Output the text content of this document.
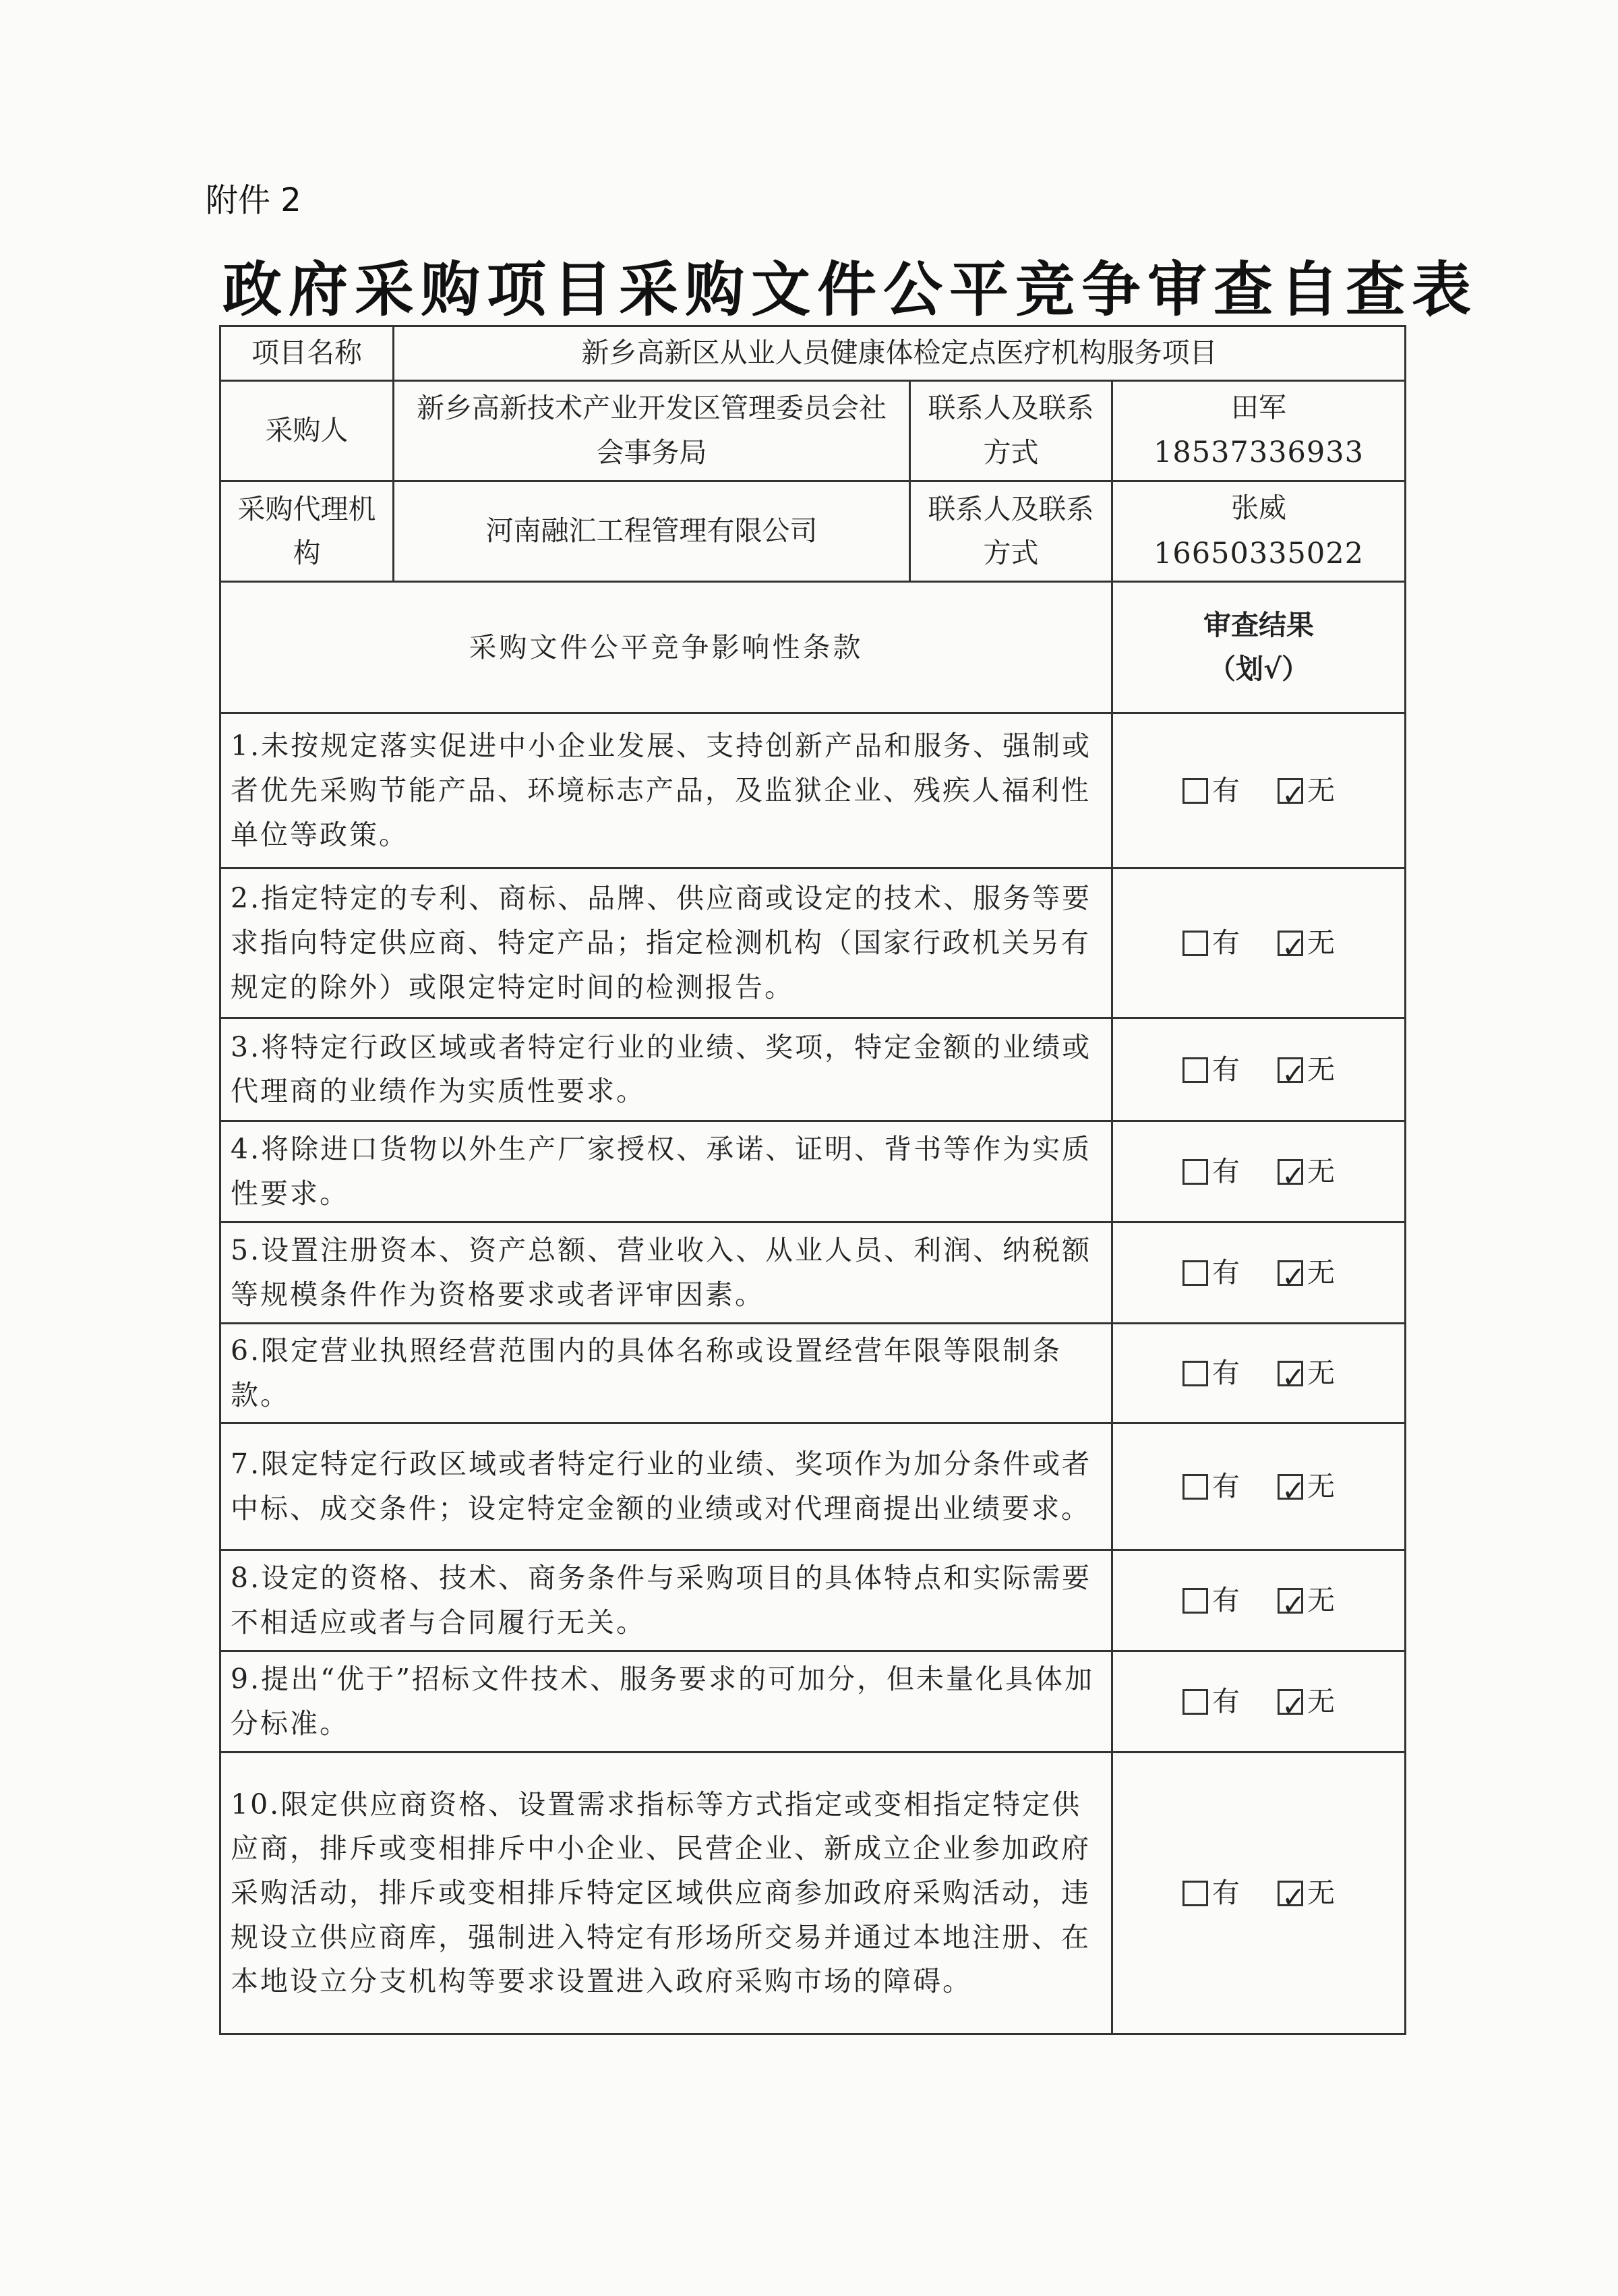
附件 2
政府采购项目采购文件公平竞争审查自查表
项目名称	新乡高新区从业人员健康体检定点医疗机构服务项目		
采购人	新乡高新技术产业开发区管理委员会社会事务局	联系人及联系方式	田军
18537336933

采购代理机构	河南融汇工程管理有限公司	联系人及联系方式	张威
16650335022

采购文件公平竞争影响性条款			审查结果
（划√）

1.未按规定落实促进中小企业发展、支持创新产品和服务、强制或者优先采购节能产品、环境标志产品，及监狱企业、残疾人福利性单位等政策。			有 ✓ 无
2.指定特定的专利、商标、品牌、供应商或设定的技术、服务等要求指向特定供应商、特定产品；指定检测机构（国家行政机关另有规定的除外）或限定特定时间的检测报告。			有 ✓ 无
3.将特定行政区域或者特定行业的业绩、奖项，特定金额的业绩或代理商的业绩作为实质性要求。			有 ✓ 无
4.将除进口货物以外生产厂家授权、承诺、证明、背书等作为实质性要求。			有 ✓ 无
5.设置注册资本、资产总额、营业收入、从业人员、利润、纳税额等规模条件作为资格要求或者评审因素。			有 ✓ 无
6.限定营业执照经营范围内的具体名称或设置经营年限等限制条款。			有 ✓ 无
7.限定特定行政区域或者特定行业的业绩、奖项作为加分条件或者中标、成交条件；设定特定金额的业绩或对代理商提出业绩要求。			有 ✓ 无
8.设定的资格、技术、商务条件与采购项目的具体特点和实际需要不相适应或者与合同履行无关。			有 ✓ 无
9.提出“优于”招标文件技术、服务要求的可加分，但未量化具体加分标准。			有 ✓ 无
10.限定供应商资格、设置需求指标等方式指定或变相指定特定供应商，排斥或变相排斥中小企业、民营企业、新成立企业参加政府采购活动，排斥或变相排斥特定区域供应商参加政府采购活动，违规设立供应商库，强制进入特定有形场所交易并通过本地注册、在本地设立分支机构等要求设置进入政府采购市场的障碍。			有 ✓ 无
